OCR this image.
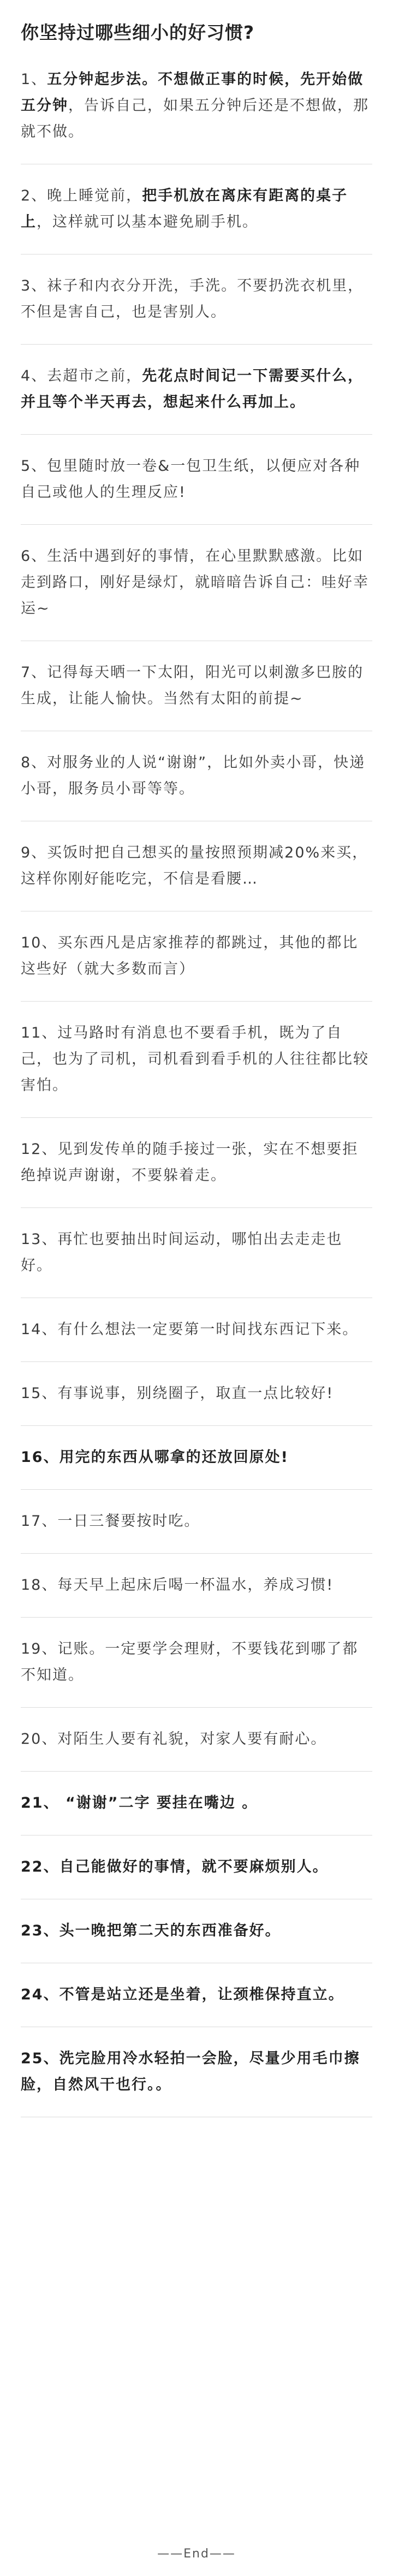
你坚持过哪些细小的好习惯?

1、五分钟起步法。不想做正事的时候，先开始做五分钟，告诉自己，如果五分钟后还是不想做，那就不做。

2、晚上睡觉前，把手机放在离床有距离的桌子上，这样就可以基本避免刷手机。

3、袜子和内衣分开洗，手洗。不要扔洗衣机里，不但是害自己，也是害别人。

4、去超市之前，先花点时间记一下需要买什么，并且等个半天再去，想起来什么再加上。

5、包里随时放一卷&一包卫生纸，以便应对各种自己或他人的生理反应!

6、生活中遇到好的事情，在心里默默感激。比如走到路口，刚好是绿灯，就暗暗告诉自己：哇好幸运~

7、记得每天晒一下太阳，阳光可以刺激多巴胺的生成，让能人愉快。当然有太阳的前提~

8、对服务业的人说“谢谢”，比如外卖小哥，快递小哥，服务员小哥等等。

9、买饭时把自己想买的量按照预期减20%来买，这样你刚好能吃完，不信是看腰…

10、买东西凡是店家推荐的都跳过，其他的都比这些好（就大多数而言）

11、过马路时有消息也不要看手机，既为了自己，也为了司机，司机看到看手机的人往往都比较害怕。

12、见到发传单的随手接过一张，实在不想要拒绝掉说声谢谢，不要躲着走。

13、再忙也要抽出时间运动，哪怕出去走走也好。

14、有什么想法一定要第一时间找东西记下来。

15、有事说事，别绕圈子，取直一点比较好!

16、用完的东西从哪拿的还放回原处!

17、一日三餐要按时吃。

18、每天早上起床后喝一杯温水，养成习惯!

19、记账。一定要学会理财，不要钱花到哪了都不知道。

20、对陌生人要有礼貌，对家人要有耐心。

21、 “谢谢”二字 要挂在嘴边 。

22、自己能做好的事情，就不要麻烦别人。

23、头一晚把第二天的东西准备好。

24、不管是站立还是坐着，让颈椎保持直立。

25、洗完脸用冷水轻拍一会脸，尽量少用毛巾擦脸，自然风干也行。。

——End——
